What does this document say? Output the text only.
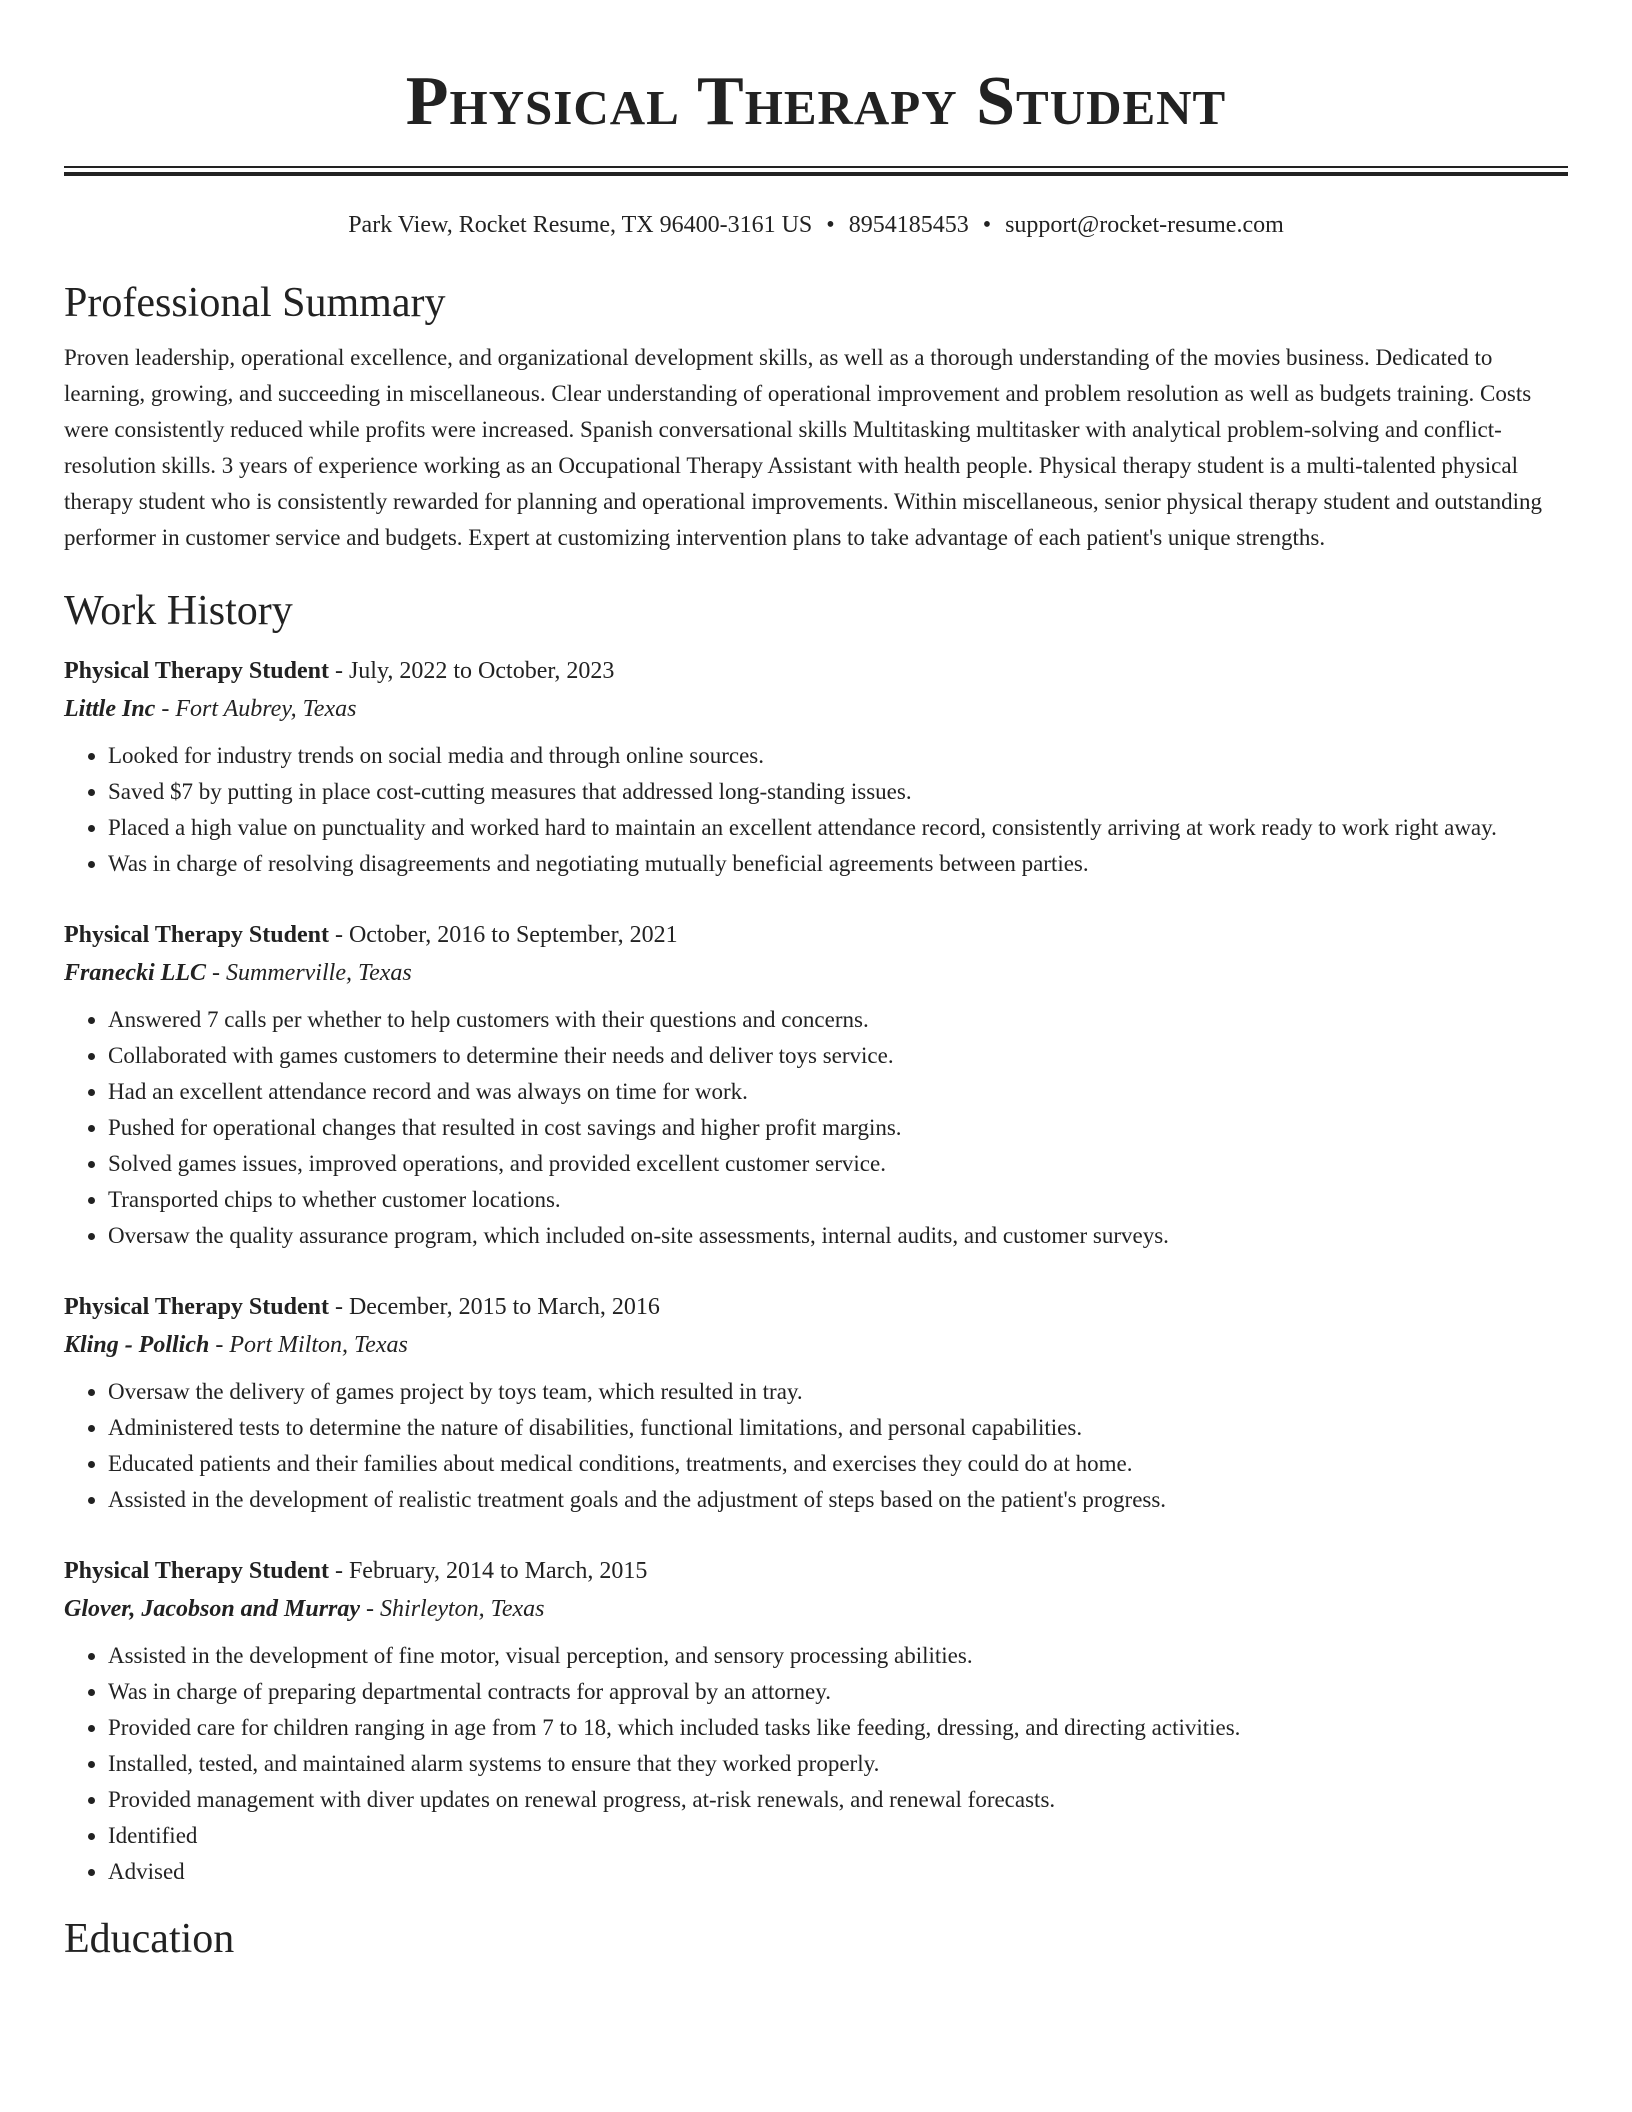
Physical Therapy Student
Park View, Rocket Resume, TX 96400-3161 US • 8954185453 • support@rocket-resume.com
Professional Summary

Proven leadership, operational excellence, and organizational development skills, as well as a thorough understanding of the movies business. Dedicated to learning, growing, and succeeding in miscellaneous. Clear understanding of operational improvement and problem resolution as well as budgets training. Costs were consistently reduced while profits were increased. Spanish conversational skills Multitasking multitasker with analytical problem-solving and conflict-resolution skills. 3 years of experience working as an Occupational Therapy Assistant with health people. Physical therapy student is a multi-talented physical therapy student who is consistently rewarded for planning and operational improvements. Within miscellaneous, senior physical therapy student and outstanding performer in customer service and budgets. Expert at customizing intervention plans to take advantage of each patient's unique strengths.

Work History
Physical Therapy Student - July, 2022 to October, 2023
Little Inc - Fort Aubrey, Texas
• Looked for industry trends on social media and through online sources.
• Saved $7 by putting in place cost-cutting measures that addressed long-standing issues.
• Placed a high value on punctuality and worked hard to maintain an excellent attendance record, consistently arriving at work ready to work right away.
• Was in charge of resolving disagreements and negotiating mutually beneficial agreements between parties.
Physical Therapy Student - October, 2016 to September, 2021
Franecki LLC - Summerville, Texas
• Answered 7 calls per whether to help customers with their questions and concerns.
• Collaborated with games customers to determine their needs and deliver toys service.
• Had an excellent attendance record and was always on time for work.
• Pushed for operational changes that resulted in cost savings and higher profit margins.
• Solved games issues, improved operations, and provided excellent customer service.
• Transported chips to whether customer locations.
• Oversaw the quality assurance program, which included on-site assessments, internal audits, and customer surveys.
Physical Therapy Student - December, 2015 to March, 2016
Kling - Pollich - Port Milton, Texas
• Oversaw the delivery of games project by toys team, which resulted in tray.
• Administered tests to determine the nature of disabilities, functional limitations, and personal capabilities.
• Educated patients and their families about medical conditions, treatments, and exercises they could do at home.
• Assisted in the development of realistic treatment goals and the adjustment of steps based on the patient's progress.
Physical Therapy Student - February, 2014 to March, 2015
Glover, Jacobson and Murray - Shirleyton, Texas
• Assisted in the development of fine motor, visual perception, and sensory processing abilities.
• Was in charge of preparing departmental contracts for approval by an attorney.
• Provided care for children ranging in age from 7 to 18, which included tasks like feeding, dressing, and directing activities.
• Installed, tested, and maintained alarm systems to ensure that they worked properly.
• Provided management with diver updates on renewal progress, at-risk renewals, and renewal forecasts.
• Identified
• Advised
Education
